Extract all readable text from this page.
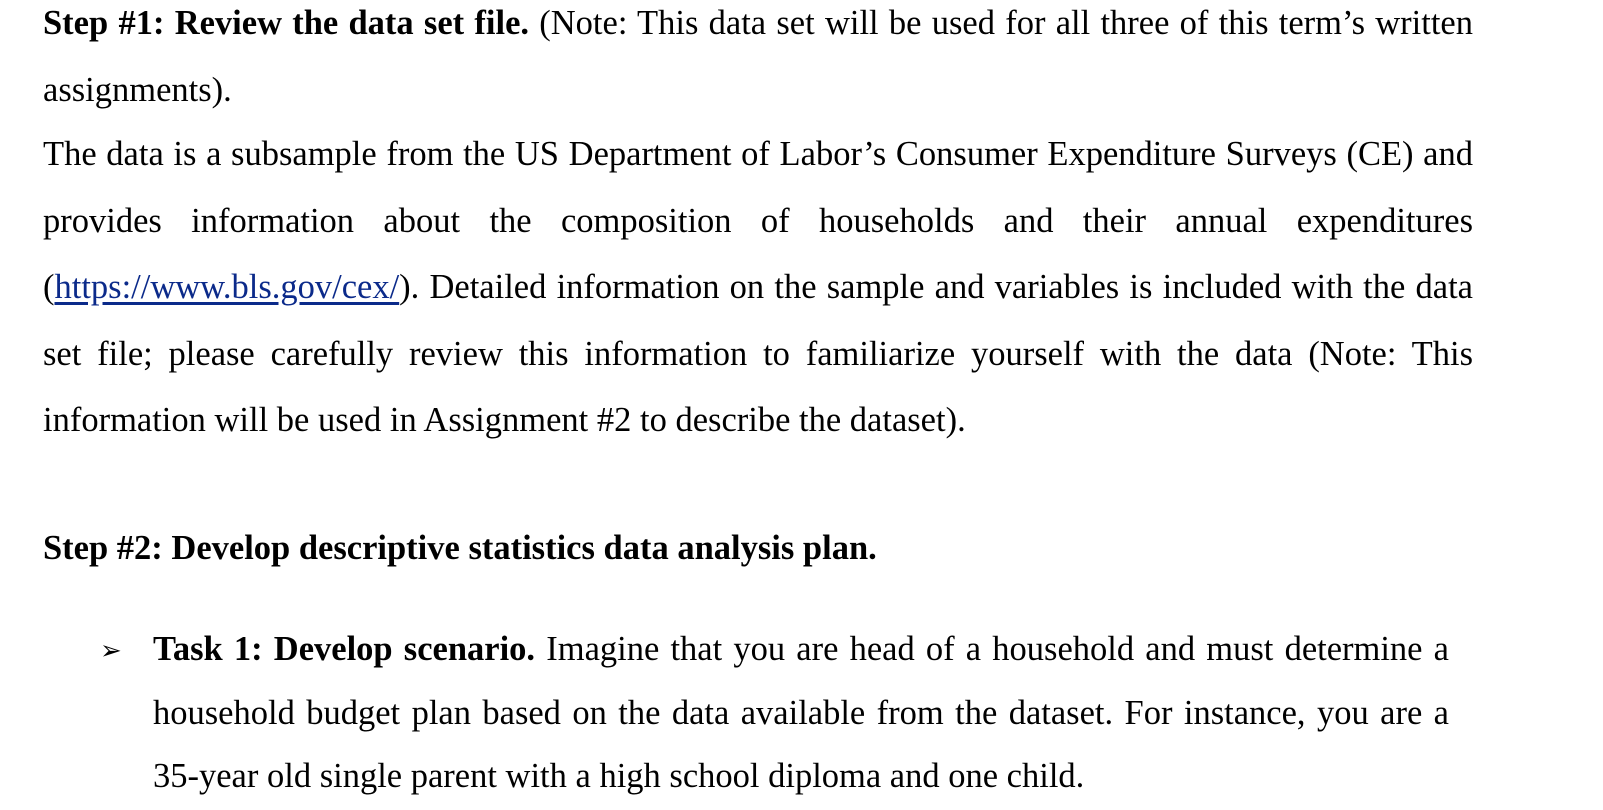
Step #1: Review the data set file. (Note: This data set will be used for all three of this term’s written assignments).

The data is a subsample from the US Department of Labor’s Consumer Expenditure Surveys (CE) and provides information about the composition of households and their annual expenditures (https://www.bls.gov/cex/). Detailed information on the sample and variables is included with the data set file; please carefully review this information to familiarize yourself with the data (Note: This information will be used in Assignment #2 to describe the dataset).

Step #2: Develop descriptive statistics data analysis plan.

➢ Task 1: Develop scenario. Imagine that you are head of a household and must determine a household budget plan based on the data available from the dataset. For instance, you are a 35-year old single parent with a high school diploma and one child.
